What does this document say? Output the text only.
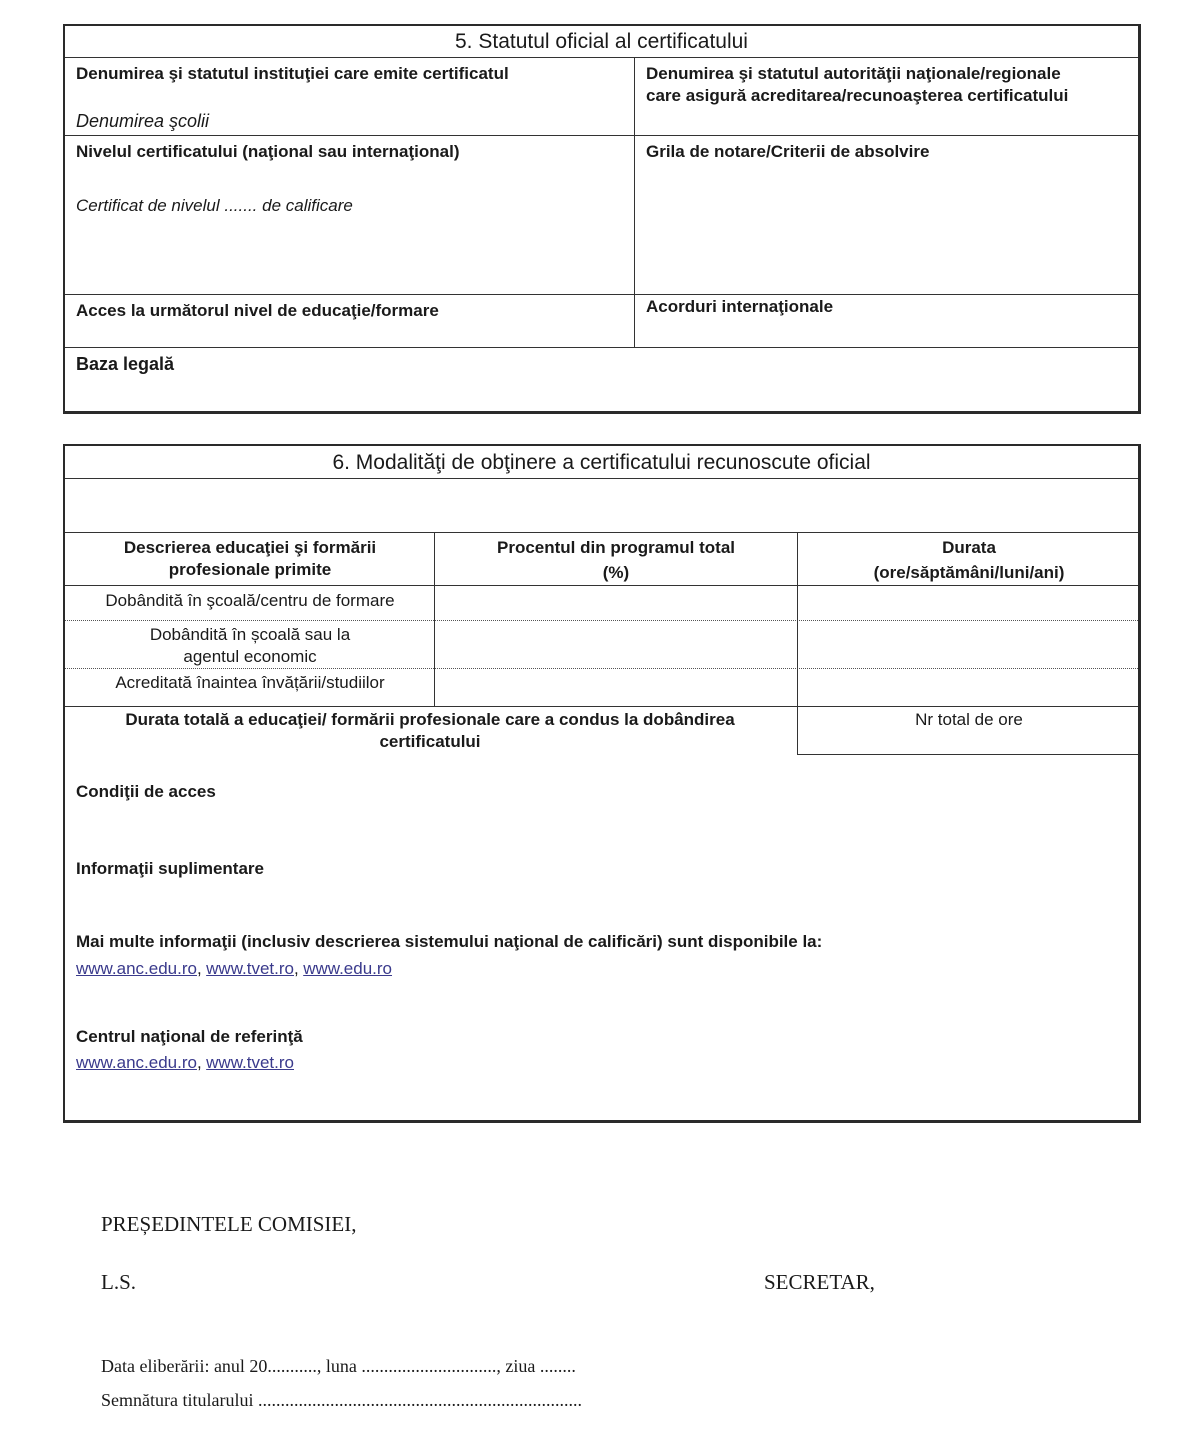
5. Statutul oficial al certificatului
Denumirea şi statutul instituţiei care emite certificatul
Denumirea şcolii
Denumirea şi statutul autorităţii naţionale/regionale
care asigură acreditarea/recunoaşterea certificatului
Nivelul certificatului (naţional sau internaţional)
Certificat de nivelul ....... de calificare
Grila de notare/Criterii de absolvire
Acces la următorul nivel de educaţie/formare	Acorduri internaţionale
Baza legală
6. Modalităţi de obţinere a certificatului recunoscute oficial
Descrierea educaţiei şi formării profesionale primite
Procentul din programul total
(%)
Durata
(ore/săptămâni/luni/ani)
Dobândită în şcoală/centru de formare
Dobândită în școală sau la agentul economic
Acreditată înaintea învățării/studiilor
Durata totală a educaţiei/ formării profesionale care a condus la dobândirea certificatului
Nr total de ore
Condiţii de acces
Informaţii suplimentare
Mai multe informaţii (inclusiv descrierea sistemului naţional de calificări) sunt disponibile la:
www.anc.edu.ro, www.tvet.ro, www.edu.ro
Centrul naţional de referinţă
www.anc.edu.ro, www.tvet.ro
PREȘEDINTELE COMISIEI,
L.S.	SECRETAR,
Data eliberării: anul 20..........., luna .............................., ziua ........
Semnătura titularului ........................................................................
